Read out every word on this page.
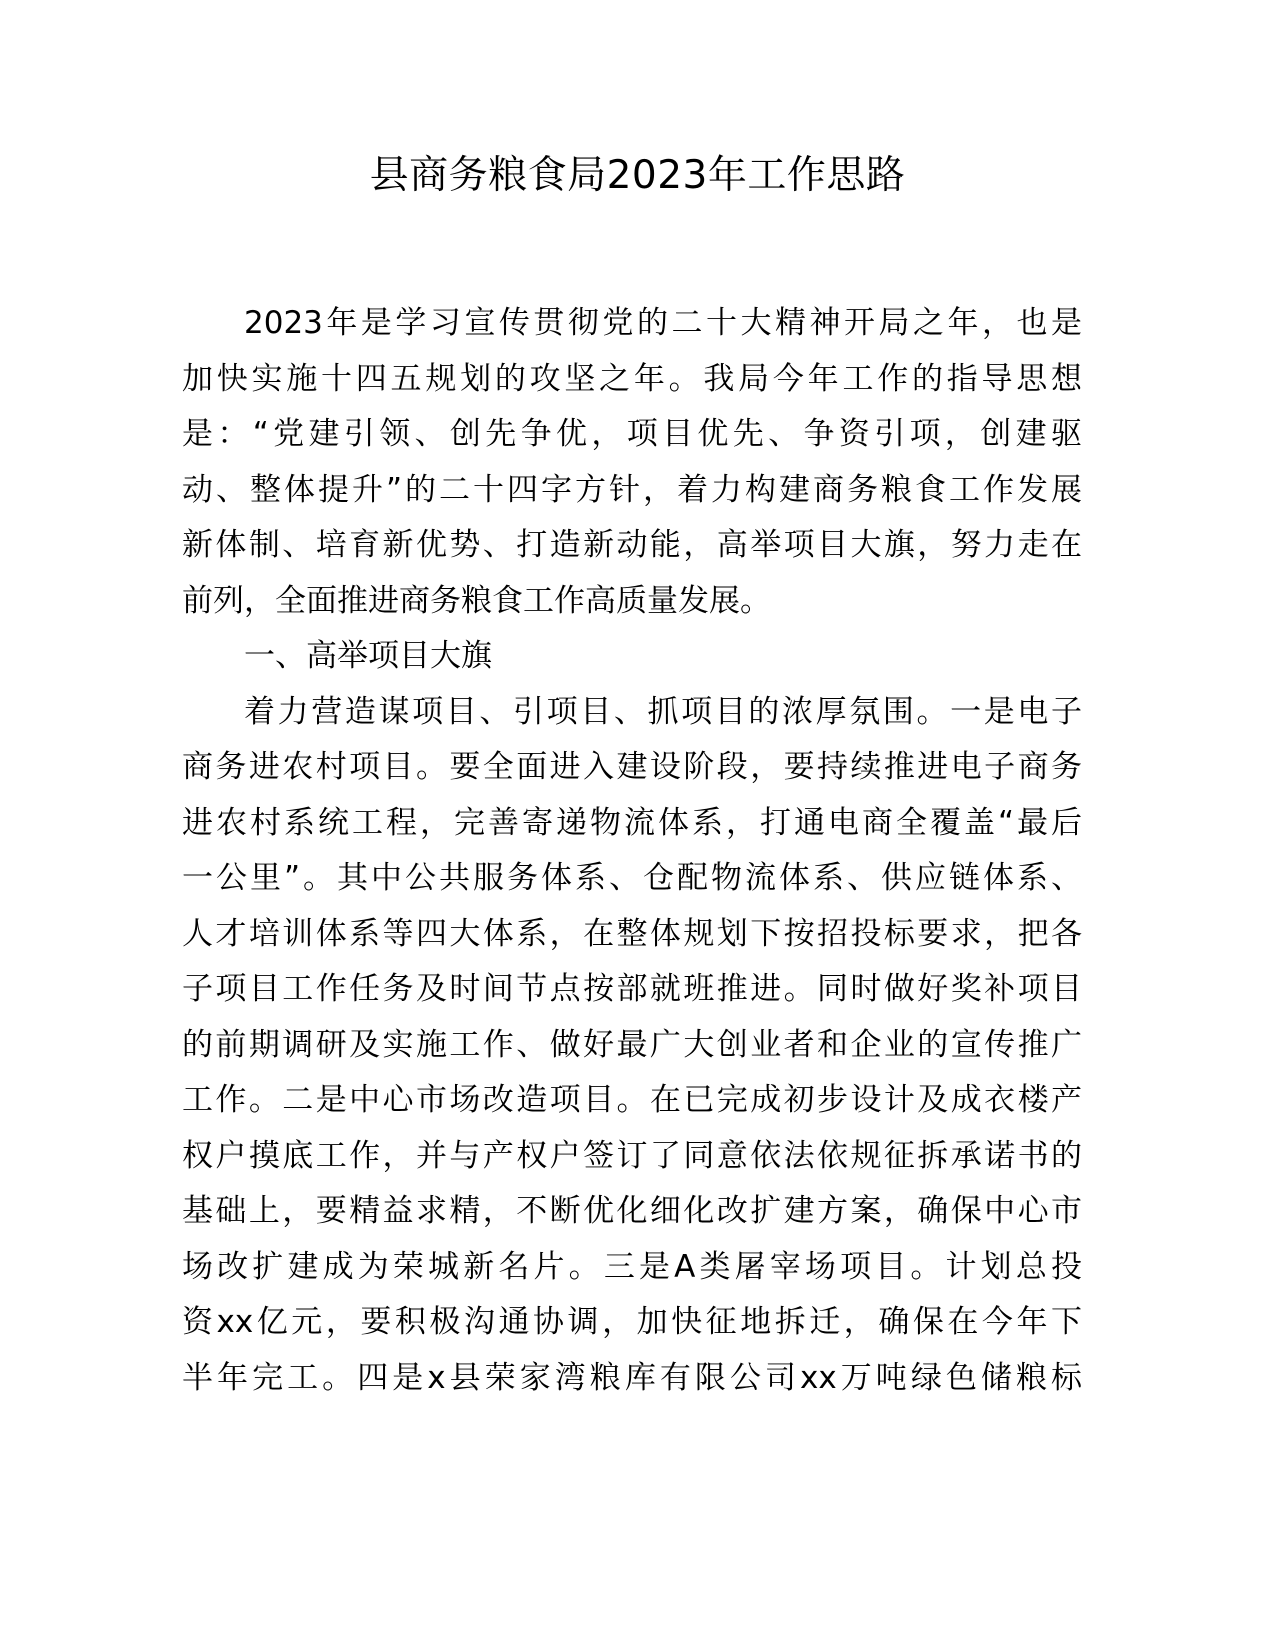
县商务粮食局2023年工作思路
2023年是学习宣传贯彻党的二十大精神开局之年，也是
加快实施十四五规划的攻坚之年。我局今年工作的指导思想
是：“党建引领、创先争优，项目优先、争资引项，创建驱
动、整体提升”的二十四字方针，着力构建商务粮食工作发展
新体制、培育新优势、打造新动能，高举项目大旗，努力走在
前列，全面推进商务粮食工作高质量发展。
一、高举项目大旗
着力营造谋项目、引项目、抓项目的浓厚氛围。一是电子
商务进农村项目。要全面进入建设阶段，要持续推进电子商务
进农村系统工程，完善寄递物流体系，打通电商全覆盖“最后
一公里”。其中公共服务体系、仓配物流体系、供应链体系、
人才培训体系等四大体系，在整体规划下按招投标要求，把各
子项目工作任务及时间节点按部就班推进。同时做好奖补项目
的前期调研及实施工作、做好最广大创业者和企业的宣传推广
工作。二是中心市场改造项目。在已完成初步设计及成衣楼产
权户摸底工作，并与产权户签订了同意依法依规征拆承诺书的
基础上，要精益求精，不断优化细化改扩建方案，确保中心市
场改扩建成为荣城新名片。三是A类屠宰场项目。计划总投
资xx亿元，要积极沟通协调，加快征地拆迁，确保在今年下
半年完工。四是x县荣家湾粮库有限公司xx万吨绿色储粮标
